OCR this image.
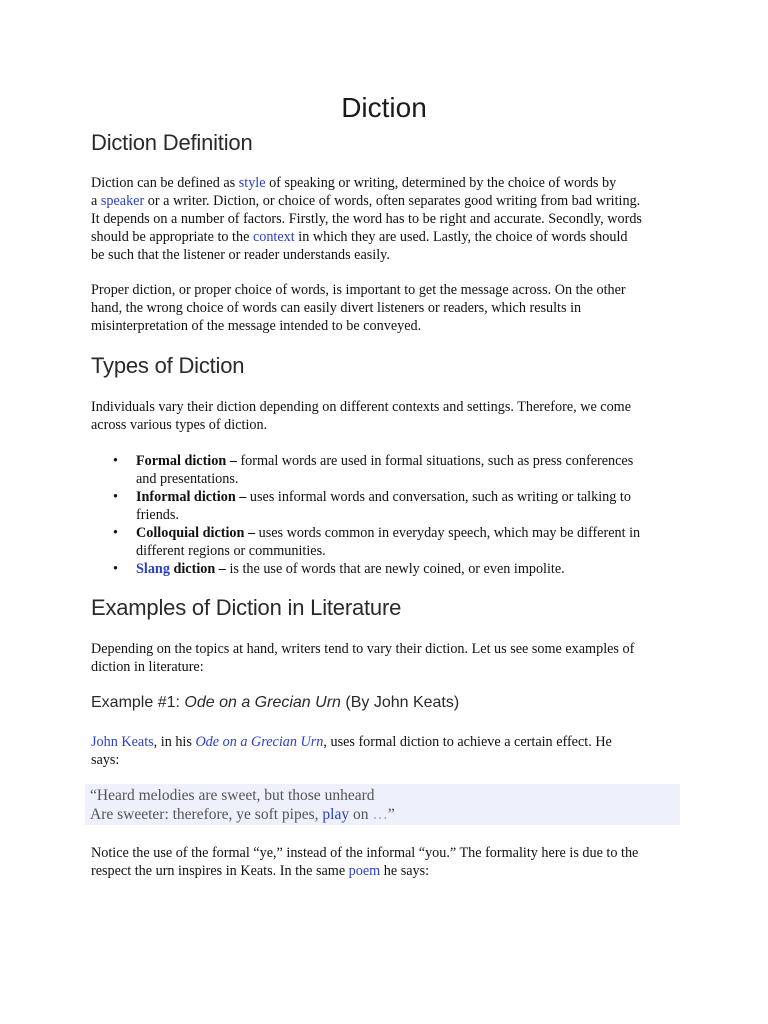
Diction
Diction Definition

Diction can be defined as style of speaking or writing, determined by the choice of words by
a speaker or a writer. Diction, or choice of words, often separates good writing from bad writing.
It depends on a number of factors. Firstly, the word has to be right and accurate. Secondly, words
should be appropriate to the context in which they are used. Lastly, the choice of words should
be such that the listener or reader understands easily.

Proper diction, or proper choice of words, is important to get the message across. On the other
hand, the wrong choice of words can easily divert listeners or readers, which results in
misinterpretation of the message intended to be conveyed.

Types of Diction

Individuals vary their diction depending on different contexts and settings. Therefore, we come
across various types of diction.

• Formal diction – formal words are used in formal situations, such as press conferences
and presentations.
• Informal diction – uses informal words and conversation, such as writing or talking to
friends.
• Colloquial diction – uses words common in everyday speech, which may be different in
different regions or communities.
• Slang diction – is the use of words that are newly coined, or even impolite.
Examples of Diction in Literature

Depending on the topics at hand, writers tend to vary their diction. Let us see some examples of
diction in literature:

Example #1: Ode on a Grecian Urn (By John Keats)

John Keats, in his Ode on a Grecian Urn, uses formal diction to achieve a certain effect. He
says:

“Heard melodies are sweet, but those unheard
Are sweeter: therefore, ye soft pipes, play on …”

Notice the use of the formal “ye,” instead of the informal “you.” The formality here is due to the
respect the urn inspires in Keats. In the same poem he says:
